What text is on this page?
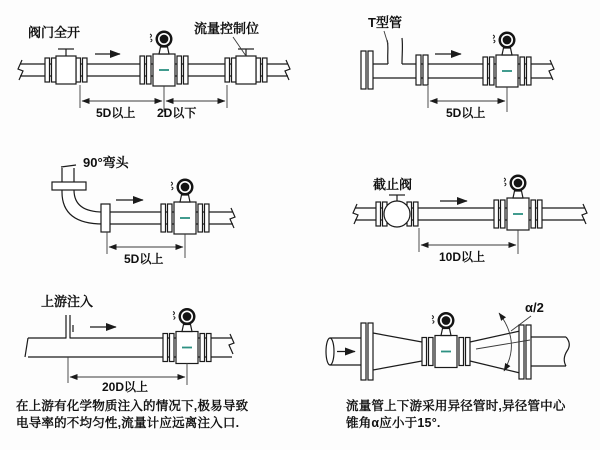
阀门全开	流量控制位
5D以上 2D以下
T型管
5D以上
90°弯头
5D以上
截止阀
10D以上
上游注入
20D以上
α/2
在上游有化学物质注入的情况下,极易导致
电导率的不均匀性,流量计应远离注入口.
流量管上下游采用异径管时,异径管中心
锥角α应小于15°.
